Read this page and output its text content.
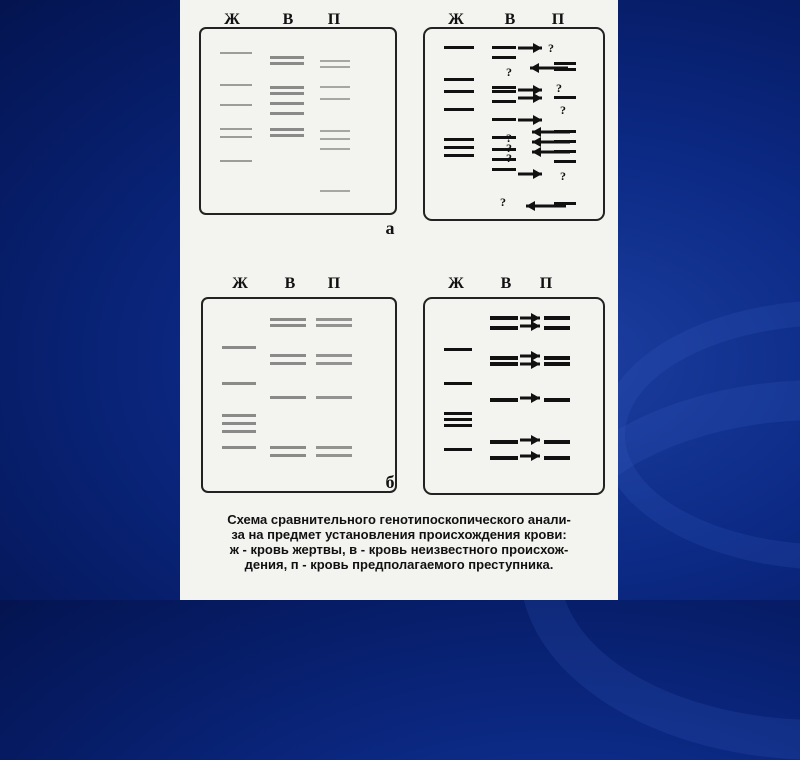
Ж	Ж
В	В
П	П
а
Ж	Ж
В	В
П	П
б
?
?
?
?
?
?
?
?
?
Схема сравнительного генотипоскопического анали-
за на предмет установления происхождения крови:
ж - кровь жертвы, в - кровь неизвестного происхож-
дения, п - кровь предполагаемого преступника.
